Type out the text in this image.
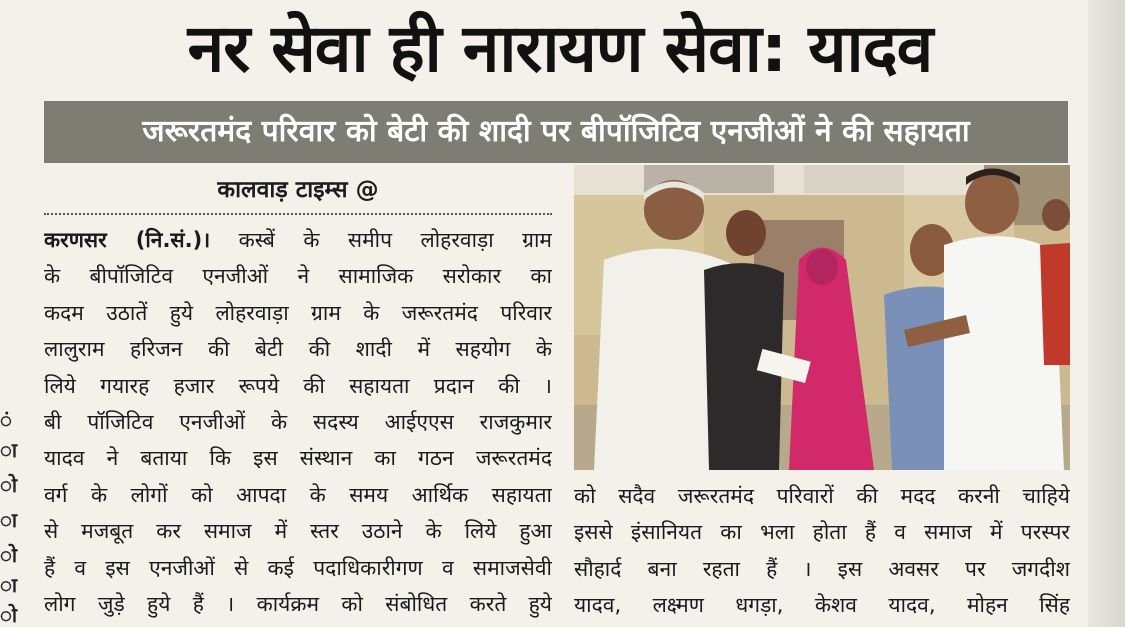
ं
ा
ो
ा
ो
ा
ो
नर सेवा ही नारायण सेवा: यादव
जरूरतमंद परिवार को बेटी की शादी पर बीपॉजिटिव एनजीओं ने की सहायता
कालवाड़ टाइम्स @
करणसर (नि.सं.)। कस्बें के समीप लोहरवाड़ा ग्राम
के बीपॉजिटिव एनजीओं ने सामाजिक सरोकार का
कदम उठातें हुये लोहरवाड़ा ग्राम के जरूरतमंद परिवार
लालुराम हरिजन की बेटी की शादी में सहयोग के
लिये गयारह हजार रूपये की सहायता प्रदान की ।
बी पॉजिटिव एनजीओं के सदस्य आईएएस राजकुमार
यादव ने बताया कि इस संस्थान का गठन जरूरतमंद
वर्ग के लोगों को आपदा के समय आर्थिक सहायता
से मजबूत कर समाज में स्तर उठाने के लिये हुआ
हैं व इस एनजीओं से कई पदाधिकारीगण व समाजसेवी
लोग जुड़े हुये हैं । कार्यक्रम को संबोधित करते हुये
को सदैव जरूरतमंद परिवारों की मदद करनी चाहिये
इससे इंसानियत का भला होता हैं व समाज में परस्पर
सौहार्द बना रहता हैं । इस अवसर पर जगदीश
यादव, लक्ष्मण धगड़ा, केशव यादव, मोहन सिंह
